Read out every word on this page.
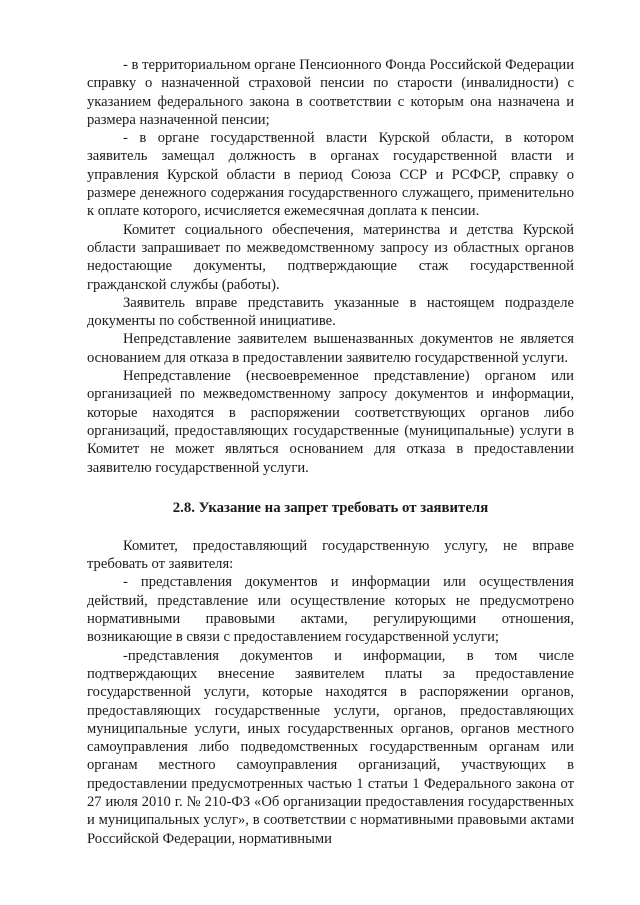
- в территориальном органе Пенсионного Фонда Российской Федерации справку о назначенной страховой пенсии по старости (инвалидности) с указанием федерального закона в соответствии с которым она назначена и размера назначенной пенсии;

- в органе государственной власти Курской области, в котором заявитель замещал должность в органах государственной власти и управления Курской области в период Союза ССР и РСФСР, справку о размере денежного содержания государственного служащего, применительно к оплате которого, исчисляется ежемесячная доплата к пенсии.

Комитет социального обеспечения, материнства и детства Курской области запрашивает по межведомственному запросу из областных органов недостающие документы, подтверждающие стаж государственной гражданской службы (работы).

Заявитель вправе представить указанные в настоящем подразделе документы по собственной инициативе.

Непредставление заявителем вышеназванных документов не является основанием для отказа в предоставлении заявителю государственной услуги.

Непредставление (несвоевременное представление) органом или организацией по межведомственному запросу документов и информации, которые находятся в распоряжении соответствующих органов либо организаций, предоставляющих государственные (муниципальные) услуги в Комитет не может являться основанием для отказа в предоставлении заявителю государственной услуги.

2.8. Указание на запрет требовать от заявителя

Комитет, предоставляющий государственную услугу, не вправе требовать от заявителя:

- представления документов и информации или осуществления действий, представление или осуществление которых не предусмотрено нормативными правовыми актами, регулирующими отношения, возникающие в связи с предоставлением государственной услуги;

-представления документов и информации, в том числе подтверждающих внесение заявителем платы за предоставление государственной услуги, которые находятся в распоряжении органов, предоставляющих государственные услуги, органов, предоставляющих муниципальные услуги, иных государственных органов, органов местного самоуправления либо подведомственных государственным органам или органам местного самоуправления организаций, участвующих в предоставлении предусмотренных частью 1 статьи 1 Федерального закона от 27 июля 2010 г. № 210-ФЗ «Об организации предоставления государственных и муниципальных услуг», в соответствии с нормативными правовыми актами Российской Федерации, нормативными
